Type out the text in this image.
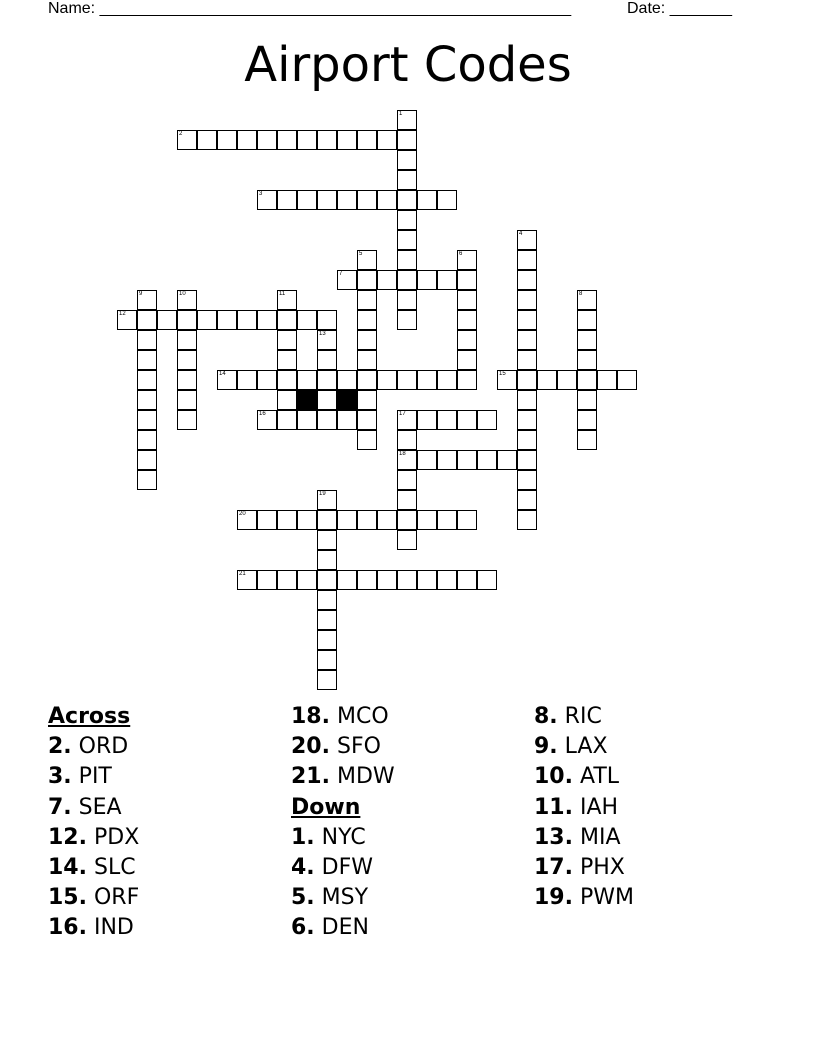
Name: _____________________________________________________	Date: _______
Airport Codes
2
3
7
12
14	15
16	17
18
20
21
1
4
5	6
8
9	10	11
13
19
Across
2. ORD
3. PIT
7. SEA
12. PDX
14. SLC
15. ORF
16. IND
18. MCO
20. SFO
21. MDW
Down
1. NYC
4. DFW
5. MSY
6. DEN
8. RIC
9. LAX
10. ATL
11. IAH
13. MIA
17. PHX
19. PWM
